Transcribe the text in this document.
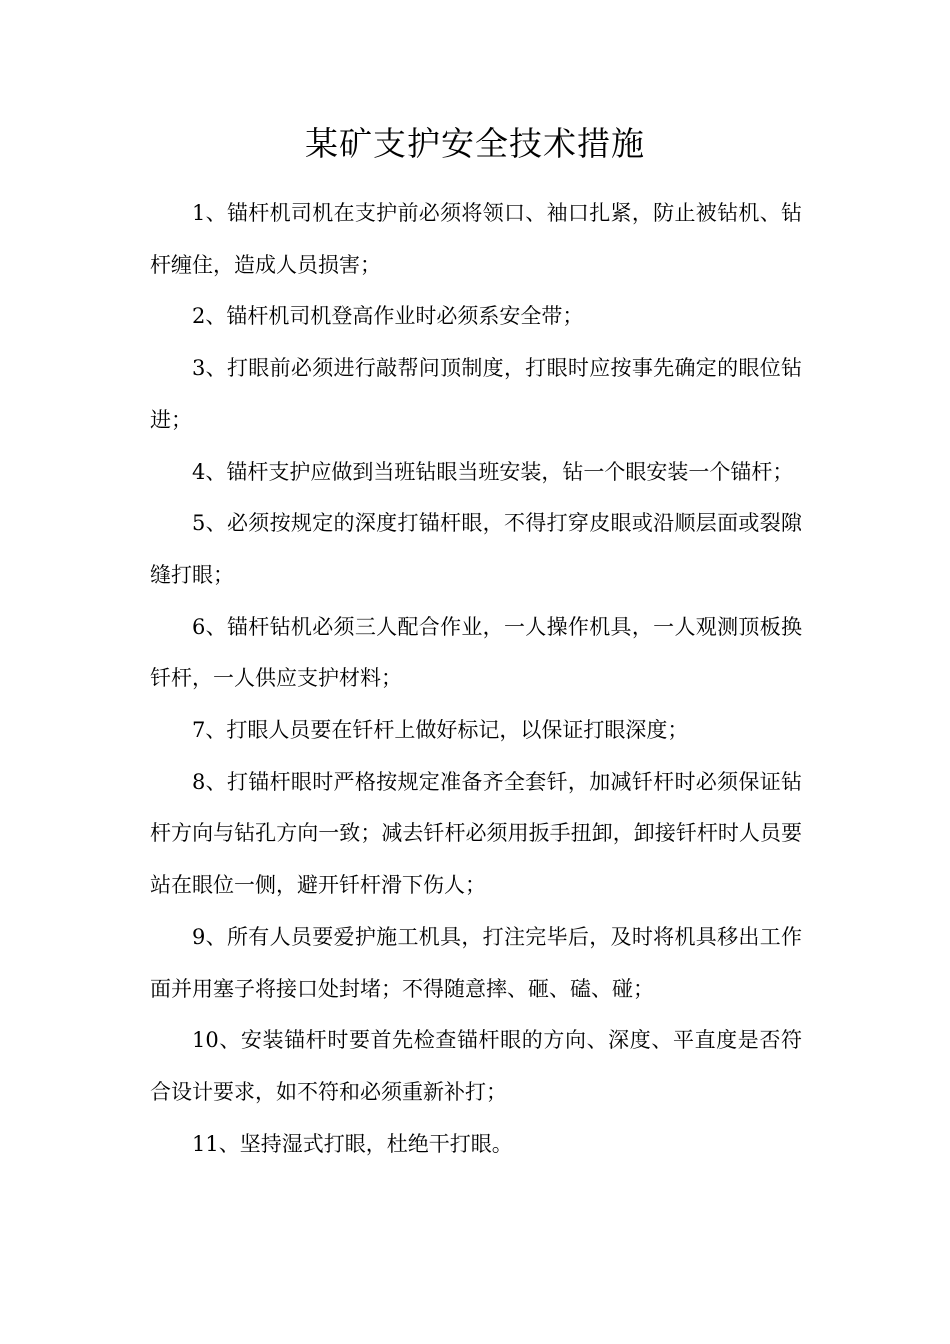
某矿支护安全技术措施

1、锚杆机司机在支护前必须将领口、袖口扎紧，防止被钻机、钻杆缠住，造成人员损害；

2、锚杆机司机登高作业时必须系安全带；

3、打眼前必须进行敲帮问顶制度，打眼时应按事先确定的眼位钻进；

4、锚杆支护应做到当班钻眼当班安装，钻一个眼安装一个锚杆；

5、必须按规定的深度打锚杆眼，不得打穿皮眼或沿顺层面或裂隙缝打眼；

6、锚杆钻机必须三人配合作业，一人操作机具，一人观测顶板换钎杆，一人供应支护材料；

7、打眼人员要在钎杆上做好标记，以保证打眼深度；

8、打锚杆眼时严格按规定准备齐全套钎，加减钎杆时必须保证钻杆方向与钻孔方向一致；减去钎杆必须用扳手扭卸，卸接钎杆时人员要站在眼位一侧，避开钎杆滑下伤人；

9、所有人员要爱护施工机具，打注完毕后，及时将机具移出工作面并用塞子将接口处封堵；不得随意摔、砸、磕、碰；

10、安装锚杆时要首先检查锚杆眼的方向、深度、平直度是否符合设计要求，如不符和必须重新补打；

11、坚持湿式打眼，杜绝干打眼。
